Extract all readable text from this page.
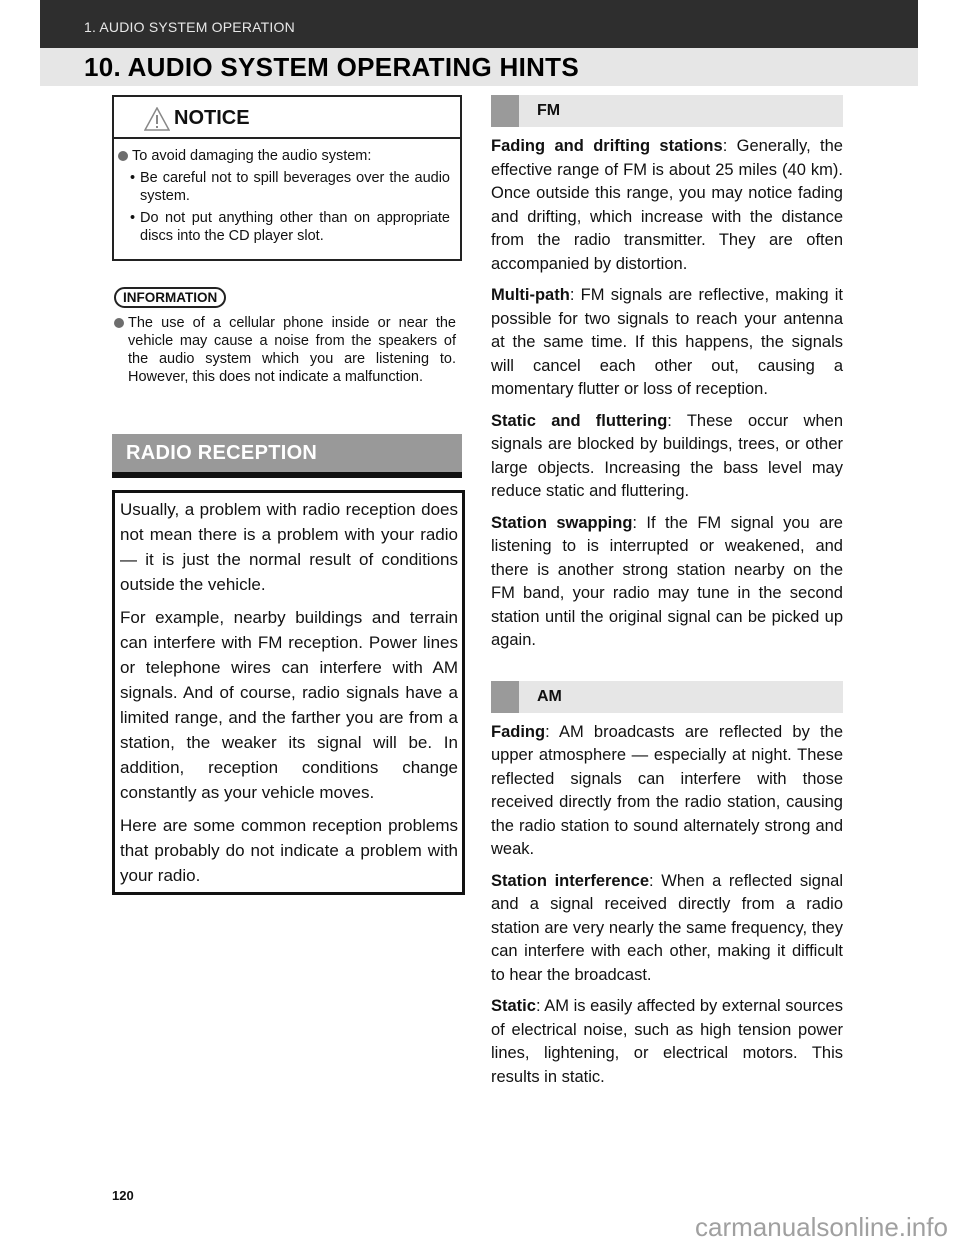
1. AUDIO SYSTEM OPERATION
10. AUDIO SYSTEM OPERATING HINTS
NOTICE
To avoid damaging the audio system:
• Be careful not to spill beverages over the audio system.
• Do not put anything other than on appropriate discs into the CD player slot.
INFORMATION
The use of a cellular phone inside or near the vehicle may cause a noise from the speakers of the audio system which you are listening to. However, this does not indicate a malfunction.
RADIO RECEPTION

Usually, a problem with radio reception does not mean there is a problem with your radio — it is just the normal result of conditions outside the vehicle.

For example, nearby buildings and terrain can interfere with FM reception. Power lines or telephone wires can interfere with AM signals. And of course, radio signals have a limited range, and the farther you are from a station, the weaker its signal will be. In addition, reception conditions change constantly as your vehicle moves.

Here are some common reception problems that probably do not indicate a problem with your radio.

FM

Fading and drifting stations: Generally, the effective range of FM is about 25 miles (40 km). Once outside this range, you may notice fading and drifting, which increase with the distance from the radio transmitter. They are often accompanied by distortion.

Multi-path: FM signals are reflective, making it possible for two signals to reach your antenna at the same time. If this happens, the signals will cancel each other out, causing a momentary flutter or loss of reception.

Static and fluttering: These occur when signals are blocked by buildings, trees, or other large objects. Increasing the bass level may reduce static and fluttering.

Station swapping: If the FM signal you are listening to is interrupted or weakened, and there is another strong station nearby on the FM band, your radio may tune in the second station until the original signal can be picked up again.

AM

Fading: AM broadcasts are reflected by the upper atmosphere — especially at night. These reflected signals can interfere with those received directly from the radio station, causing the radio station to sound alternately strong and weak.

Station interference: When a reflected signal and a signal received directly from a radio station are very nearly the same frequency, they can interfere with each other, making it difficult to hear the broadcast.

Static: AM is easily affected by external sources of electrical noise, such as high tension power lines, lightening, or electrical motors. This results in static.

120
carmanualsonline.info
